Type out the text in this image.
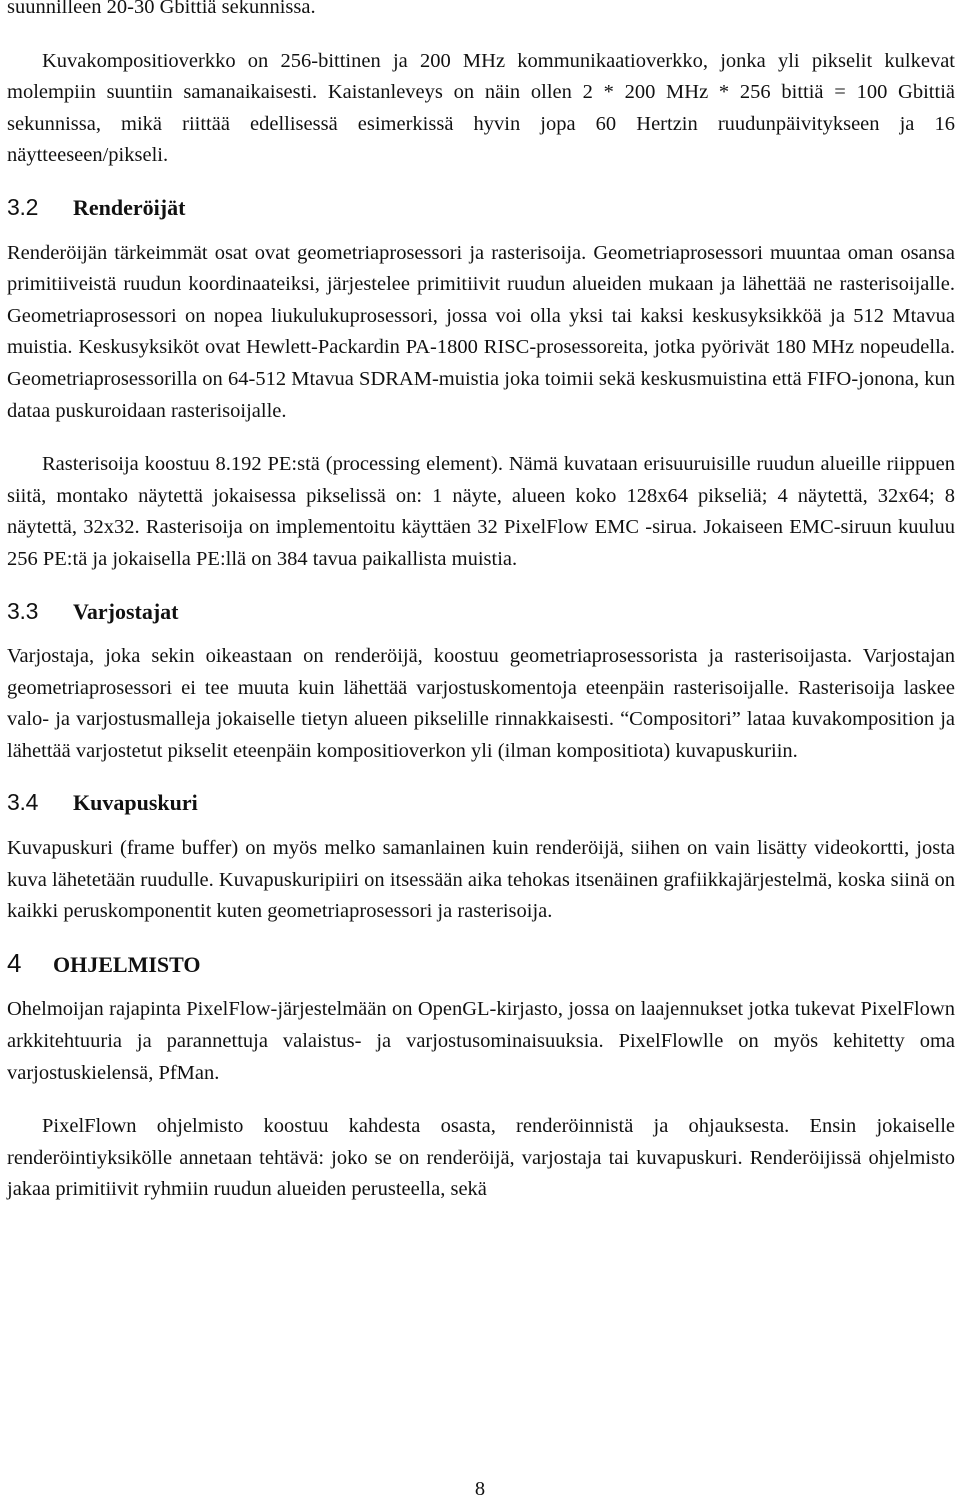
suunnilleen 20-30 Gbittiä sekunnissa.

Kuvakompositioverkko on 256-bittinen ja 200 MHz kommunikaatioverkko, jonka yli pikselit kulkevat molempiin suuntiin samanaikaisesti. Kaistanleveys on näin ollen 2 * 200 MHz * 256 bittiä = 100 Gbittiä sekunnissa, mikä riittää edellisessä esimerkissä hyvin jopa 60 Hertzin ruudunpäivitykseen ja 16 näytteeseen/pikseli.

3.2 Renderöijät

Renderöijän tärkeimmät osat ovat geometriaprosessori ja rasterisoija. Geometriaprosessori muuntaa oman osansa primitiiveistä ruudun koordinaateiksi, järjestelee primitiivit ruudun alueiden mukaan ja lähettää ne rasterisoijalle. Geometriaprosessori on nopea liukulukuprosessori, jossa voi olla yksi tai kaksi keskusyksikköä ja 512 Mtavua muistia. Keskusyksiköt ovat Hewlett-Packardin PA-1800 RISC-prosessoreita, jotka pyörivät 180 MHz nopeudella. Geometriaprosessorilla on 64-512 Mtavua SDRAM-muistia joka toimii sekä keskusmuistina että FIFO-jonona, kun dataa puskuroidaan rasterisoijalle.

Rasterisoija koostuu 8.192 PE:stä (processing element). Nämä kuvataan erisuuruisille ruudun alueille riippuen siitä, montako näytettä jokaisessa pikselissä on: 1 näyte, alueen koko 128x64 pikseliä; 4 näytettä, 32x64; 8 näytettä, 32x32. Rasterisoija on implementoitu käyttäen 32 PixelFlow EMC -sirua. Jokaiseen EMC-siruun kuuluu 256 PE:tä ja jokaisella PE:llä on 384 tavua paikallista muistia.

3.3 Varjostajat

Varjostaja, joka sekin oikeastaan on renderöijä, koostuu geometriaprosessorista ja rasterisoijasta. Varjostajan geometriaprosessori ei tee muuta kuin lähettää varjostuskomentoja eteenpäin rasterisoijalle. Rasterisoija laskee valo- ja varjostusmalleja jokaiselle tietyn alueen pikselille rinnakkaisesti. “Compositori” lataa kuvakomposition ja lähettää varjostetut pikselit eteenpäin kompositioverkon yli (ilman kompositiota) kuvapuskuriin.

3.4 Kuvapuskuri

Kuvapuskuri (frame buffer) on myös melko samanlainen kuin renderöijä, siihen on vain lisätty videokortti, josta kuva lähetetään ruudulle. Kuvapuskuripiiri on itsessään aika tehokas itsenäinen grafiikkajärjestelmä, koska siinä on kaikki peruskomponentit kuten geometriaprosessori ja rasterisoija.

4 OHJELMISTO

Ohelmoijan rajapinta PixelFlow-järjestelmään on OpenGL-kirjasto, jossa on laajennukset jotka tukevat PixelFlown arkkitehtuuria ja parannettuja valaistus- ja varjostusominaisuuksia. PixelFlowlle on myös kehitetty oma varjostuskielensä, PfMan.

PixelFlown ohjelmisto koostuu kahdesta osasta, renderöinnistä ja ohjauksesta. Ensin jokaiselle renderöintiyksikölle annetaan tehtävä: joko se on renderöijä, varjostaja tai kuvapuskuri. Renderöijissä ohjelmisto jakaa primitiivit ryhmiin ruudun alueiden perusteella, sekä

8
